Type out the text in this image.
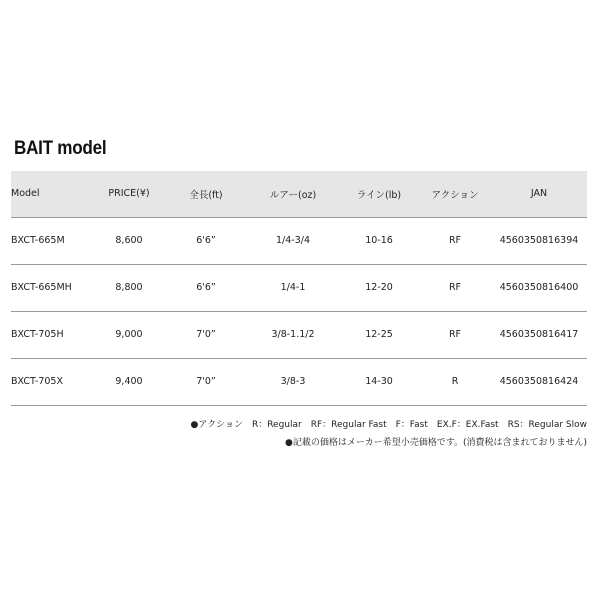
BAIT model
Model	PRICE(¥)	全長(ft)	ルアー(oz)	ライン(lb)	アクション	JAN
BXCT-665M	8,600	6'6”	1/4-3/4	10-16	RF	4560350816394
BXCT-665MH	8,800	6'6”	1/4-1	12-20	RF	4560350816400
BXCT-705H	9,000	7'0”	3/8-1.1/2	12-25	RF	4560350816417
BXCT-705X	9,400	7'0”	3/8-3	14-30	R	4560350816424
●アクション　R：Regular　RF：Regular Fast　F：Fast　EX.F：EX.Fast　RS：Regular Slow
●記載の価格はメーカー希望小売価格です。(消費税は含まれておりません)
